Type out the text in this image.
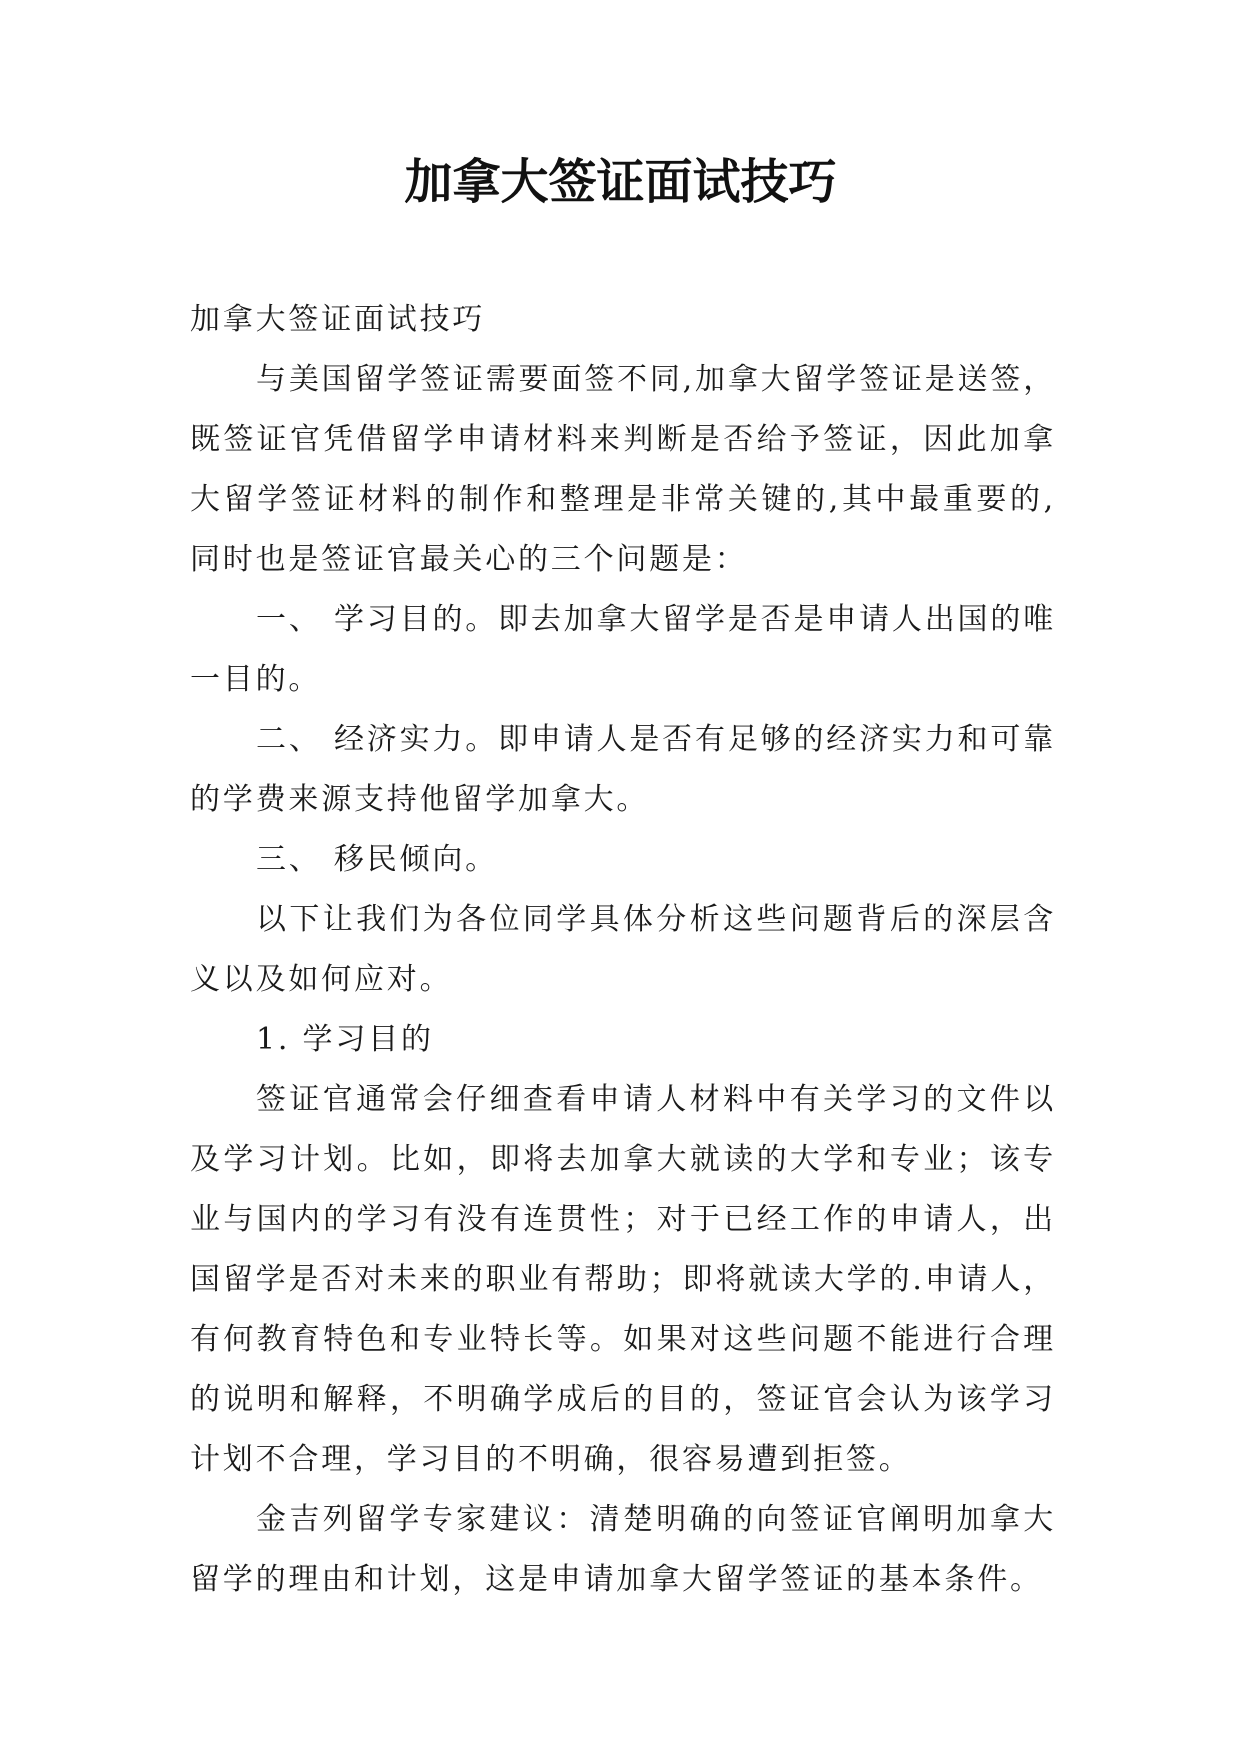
加拿大签证面试技巧

加拿大签证面试技巧

与美国留学签证需要面签不同,加拿大留学签证是送签，既签证官凭借留学申请材料来判断是否给予签证，因此加拿大留学签证材料的制作和整理是非常关键的,其中最重要的,同时也是签证官最关心的三个问题是：

一、 学习目的。即去加拿大留学是否是申请人出国的唯一目的。

二、 经济实力。即申请人是否有足够的经济实力和可靠的学费来源支持他留学加拿大。

三、 移民倾向。

以下让我们为各位同学具体分析这些问题背后的深层含义以及如何应对。

1. 学习目的

签证官通常会仔细查看申请人材料中有关学习的文件以及学习计划。比如，即将去加拿大就读的大学和专业；该专业与国内的学习有没有连贯性；对于已经工作的申请人，出国留学是否对未来的职业有帮助；即将就读大学的.申请人，有何教育特色和专业特长等。如果对这些问题不能进行合理的说明和解释，不明确学成后的目的，签证官会认为该学习计划不合理，学习目的不明确，很容易遭到拒签。

金吉列留学专家建议：清楚明确的向签证官阐明加拿大留学的理由和计划，这是申请加拿大留学签证的基本条件。
